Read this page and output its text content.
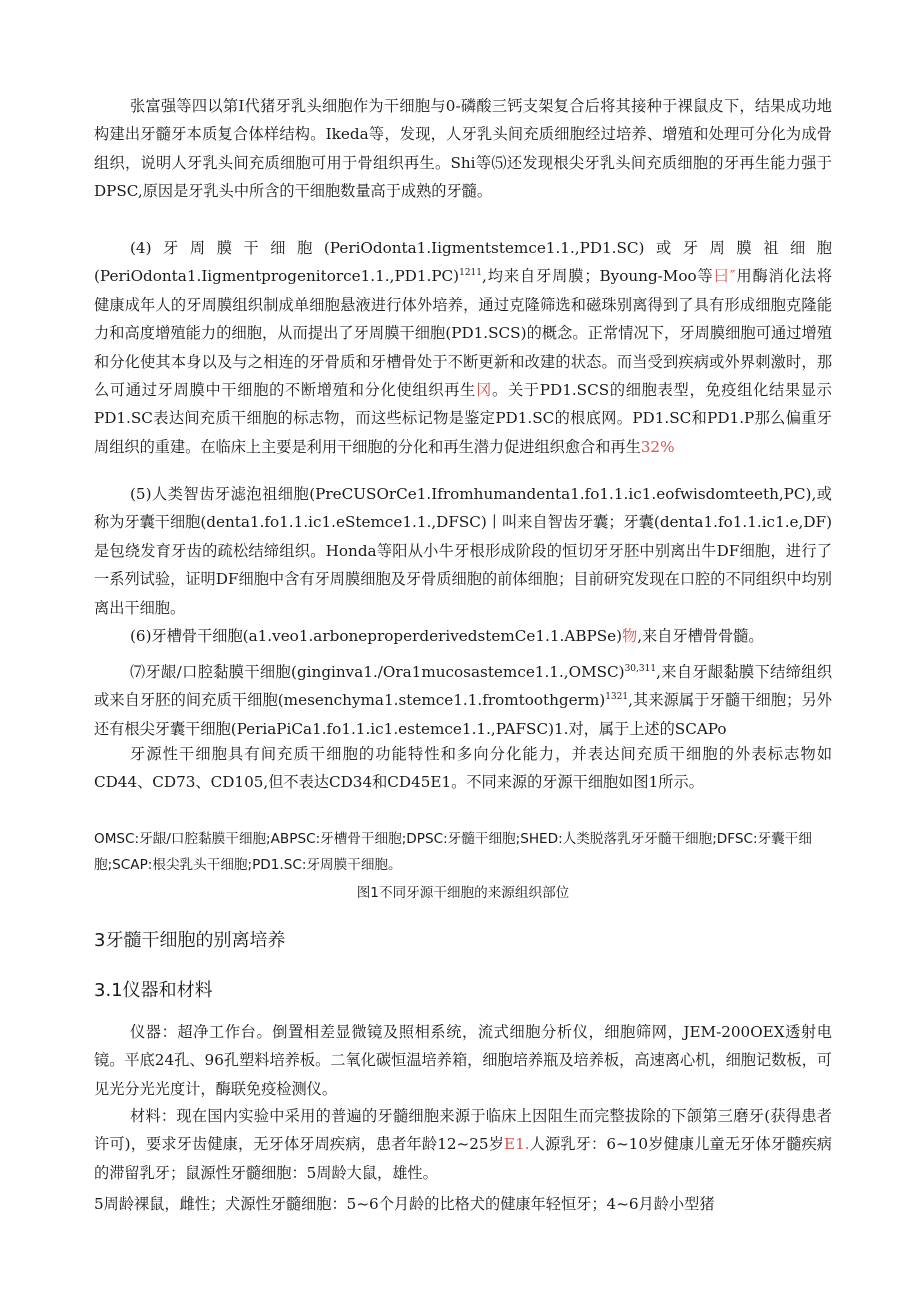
张富强等四以第I代猪牙乳头细胞作为干细胞与0-磷酸三钙支架复合后将其接种于裸鼠皮下，结果成功地构建出牙髓牙本质复合体样结构。Ikeda等，发现，人牙乳头间充质细胞经过培养、增殖和处理可分化为成骨组织，说明人牙乳头间充质细胞可用于骨组织再生。Shi等⑸还发现根尖牙乳头间充质细胞的牙再生能力强于DPSC,原因是牙乳头中所含的干细胞数量高于成熟的牙髓。

(4)牙周膜干细胞(PeriOdonta1.Iigmentstemce1.1.,PD1.SC)或牙周膜祖细胞(PeriOdonta1.Iigmentprogenitorce1.1.,PD1.PC)$^{1211}$,均来自牙周膜；Byoung-Moo等曰″用酶消化法将健康成年人的牙周膜组织制成单细胞悬液进行体外培养，通过克隆筛选和磁珠别离得到了具有形成细胞克隆能力和高度增殖能力的细胞，从而提出了牙周膜干细胞(PD1.SCS)的概念。正常情况下，牙周膜细胞可通过增殖和分化使其本身以及与之相连的牙骨质和牙槽骨处于不断更新和改建的状态。而当受到疾病或外界刺激时，那么可通过牙周膜中干细胞的不断增殖和分化使组织再生冈。关于PD1.SCS的细胞表型，免疫组化结果显示PD1.SC表达间充质干细胞的标志物，而这些标记物是鉴定PD1.SC的根底网。PD1.SC和PD1.P那么偏重牙周组织的重建。在临床上主要是利用干细胞的分化和再生潜力促进组织愈合和再生32%

(5)人类智齿牙滤泡祖细胞(PreCUSOrCe1.Ifromhumandenta1.fo1.1.ic1.eofwisdomteeth,PC),或称为牙囊干细胞(denta1.fo1.1.ic1.eStemce1.1.,DFSC)丨叫来自智齿牙囊；牙囊(denta1.fo1.1.ic1.e,DF)是包绕发育牙齿的疏松结缔组织。Honda等阳从小牛牙根形成阶段的恒切牙牙胚中别离出牛DF细胞，进行了一系列试验，证明DF细胞中含有牙周膜细胞及牙骨质细胞的前体细胞；目前研究发现在口腔的不同组织中均别离出干细胞。

(6)牙槽骨干细胞(a1.veo1.arboneproperderivedstemCe1.1.ABPSe)物,来自牙槽骨骨髓。

⑺牙龈/口腔黏膜干细胞(ginginva1./Ora1mucosastemce1.1.,OMSC)$^{30,311}$,来自牙龈黏膜下结缔组织或来自牙胚的间充质干细胞(mesenchyma1.stemce1.1.fromtoothgerm)$^{1321}$,其来源属于牙髓干细胞；另外还有根尖牙囊干细胞(PeriaPiCa1.fo1.1.ic1.estemce1.1.,PAFSC)1.对，属于上述的SCAPo

牙源性干细胞具有间充质干细胞的功能特性和多向分化能力，并表达间充质干细胞的外表标志物如CD44、CD73、CD105,但不表达CD34和CD45E1。不同来源的牙源干细胞如图1所示。

OMSC:牙龈/口腔黏膜干细胞;ABPSC:牙槽骨干细胞;DPSC:牙髓干细胞;SHED:人类脱落乳牙牙髓干细胞;DFSC:牙囊干细胞;SCAP:根尖乳头干细胞;PD1.SC:牙周膜干细胞。

图1不同牙源干细胞的来源组织部位

3牙髓干细胞的别离培养
3.1仪器和材料

仪器：超净工作台。倒置相差显微镜及照相系统，流式细胞分析仪，细胞筛网，JEM-200OEX透射电镜。平底24孔、96孔塑料培养板。二氧化碳恒温培养箱，细胞培养瓶及培养板，高速离心机，细胞记数板，可见光分光光度计，酶联免疫检测仪。

材料：现在国内实验中采用的普遍的牙髓细胞来源于临床上因阻生而完整拔除的下颌第三磨牙(获得患者许可)，要求牙齿健康，无牙体牙周疾病，患者年龄12~25岁E1.人源乳牙：6~10岁健康儿童无牙体牙髓疾病的滞留乳牙；鼠源性牙髓细胞：5周龄大鼠，雄性。

5周龄裸鼠，雌性；犬源性牙髓细胞：5~6个月龄的比格犬的健康年轻恒牙；4~6月龄小型猪
